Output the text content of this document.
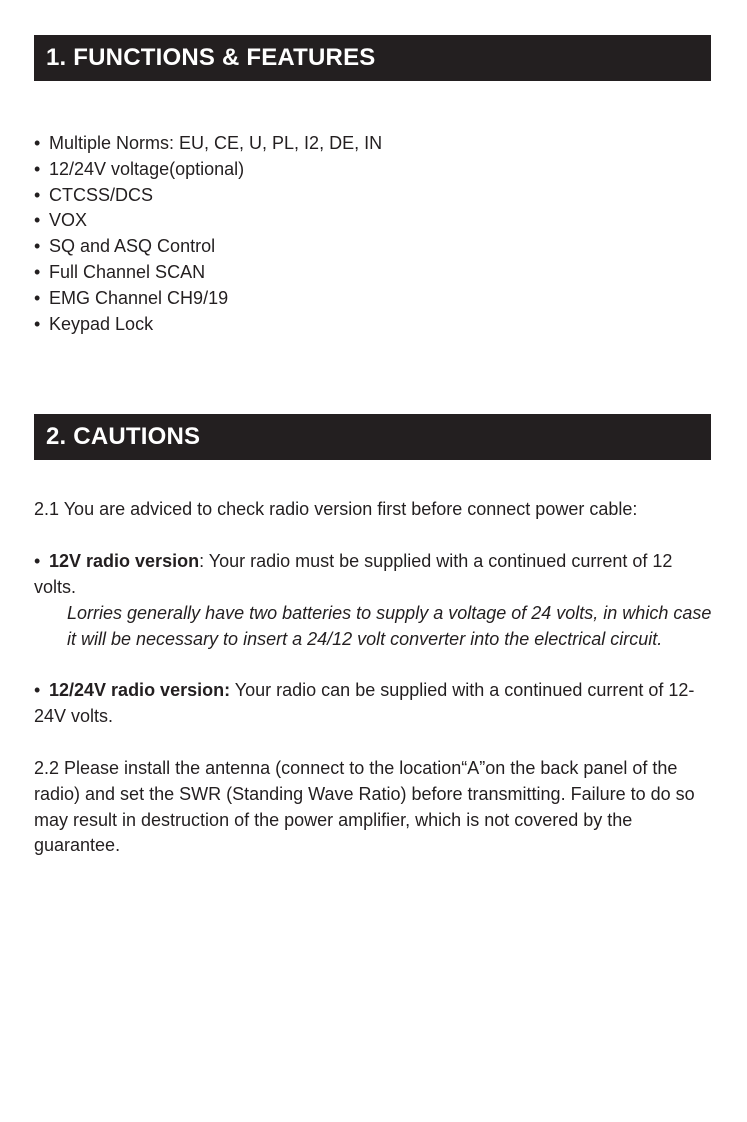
1. FUNCTIONS & FEATURES
• Multiple Norms: EU, CE, U, PL, I2, DE, IN
• 12/24V voltage(optional)
• CTCSS/DCS
• VOX
• SQ and ASQ Control
• Full Channel SCAN
• EMG Channel CH9/19
• Keypad Lock
2. CAUTIONS

2.1 You are adviced to check radio version first before connect power cable:

• 12V radio version: Your radio must be supplied with a continued current of 12 volts.

Lorries generally have two batteries to supply a voltage of 24 volts, in which case it will be necessary to insert a 24/12 volt converter into the electrical circuit.

• 12/24V radio version: Your radio can be supplied with a continued current of 12-24V volts.

2.2 Please install the antenna (connect to the location“A”on the back panel of the radio) and set the SWR (Standing Wave Ratio) before transmitting. Failure to do so may result in destruction of the power amplifier, which is not covered by the guarantee.
